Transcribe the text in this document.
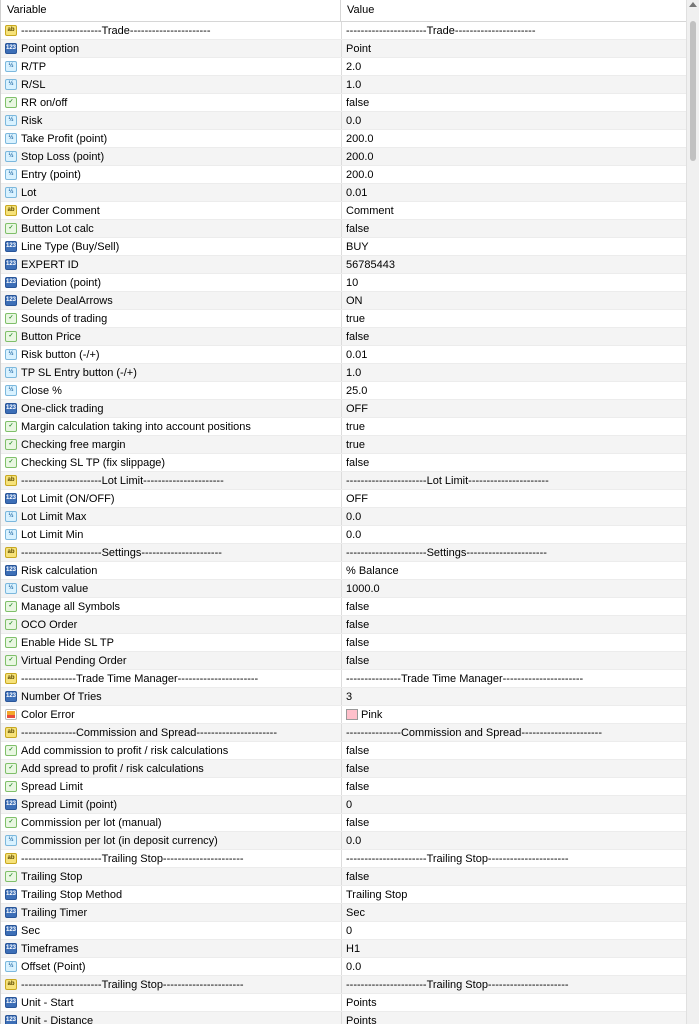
Variable	Value
ab ----------------------Trade----------------------	----------------------Trade----------------------
123 Point option	Point
½ R/TP	2.0
½ R/SL	1.0
✓ RR on/off	false
½ Risk	0.0
½ Take Profit (point)	200.0
½ Stop Loss (point)	200.0
½ Entry (point)	200.0
½ Lot	0.01
ab Order Comment	Comment
✓ Button Lot calc	false
123 Line Type (Buy/Sell)	BUY
123 EXPERT ID	56785443
123 Deviation (point)	10
123 Delete DealArrows	ON
✓ Sounds of trading	true
✓ Button Price	false
½ Risk button (-/+)	0.01
½ TP SL Entry button (-/+)	1.0
½ Close %	25.0
123 One-click trading	OFF
✓ Margin calculation taking into account positions	true
✓ Checking free margin	true
✓ Checking SL TP (fix slippage)	false
ab ----------------------Lot Limit----------------------	----------------------Lot Limit----------------------
123 Lot Limit (ON/OFF)	OFF
½ Lot Limit Max	0.0
½ Lot Limit Min	0.0
ab ----------------------Settings----------------------	----------------------Settings----------------------
123 Risk calculation	% Balance
½ Custom value	1000.0
✓ Manage all Symbols	false
✓ OCO Order	false
✓ Enable Hide SL TP	false
✓ Virtual Pending Order	false
ab ---------------Trade Time Manager----------------------	---------------Trade Time Manager----------------------
123 Number Of Tries	3
Color Error	Pink
ab ---------------Commission and Spread----------------------	---------------Commission and Spread----------------------
✓ Add commission to profit / risk calculations	false
✓ Add spread to profit / risk calculations	false
✓ Spread Limit	false
123 Spread Limit (point)	0
✓ Commission per lot (manual)	false
½ Commission per lot (in deposit currency)	0.0
ab ----------------------Trailing Stop----------------------	----------------------Trailing Stop----------------------
✓ Trailing Stop	false
123 Trailing Stop Method	Trailing Stop
123 Trailing Timer	Sec
123 Sec	0
123 Timeframes	H1
½ Offset (Point)	0.0
ab ----------------------Trailing Stop----------------------	----------------------Trailing Stop----------------------
123 Unit - Start	Points
123 Unit - Distance	Points
